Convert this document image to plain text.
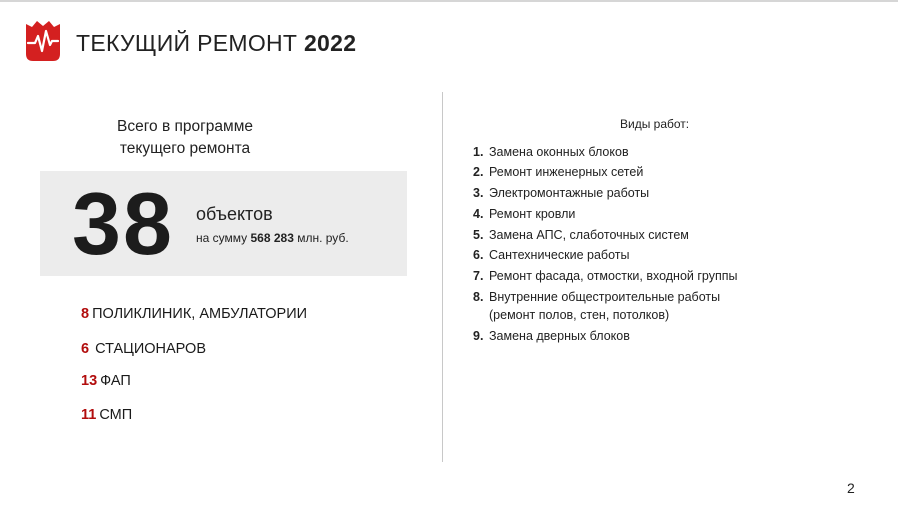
ТЕКУЩИЙ РЕМОНТ 2022
Всего в программе
текущего ремонта
38 объектов
на сумму 568 283 млн. руб.
8 ПОЛИКЛИНИК, АМБУЛАТОРИИ
6 СТАЦИОНАРОВ
13 ФАП
11 СМП
Виды работ:
1. Замена оконных блоков
2. Ремонт инженерных сетей
3. Электромонтажные работы
4. Ремонт кровли
5. Замена АПС, слаботочных систем
6. Сантехнические работы
7. Ремонт фасада, отмостки, входной группы
8. Внутренние общестроительные работы
(ремонт полов, стен, потолков)
9. Замена дверных блоков
2
